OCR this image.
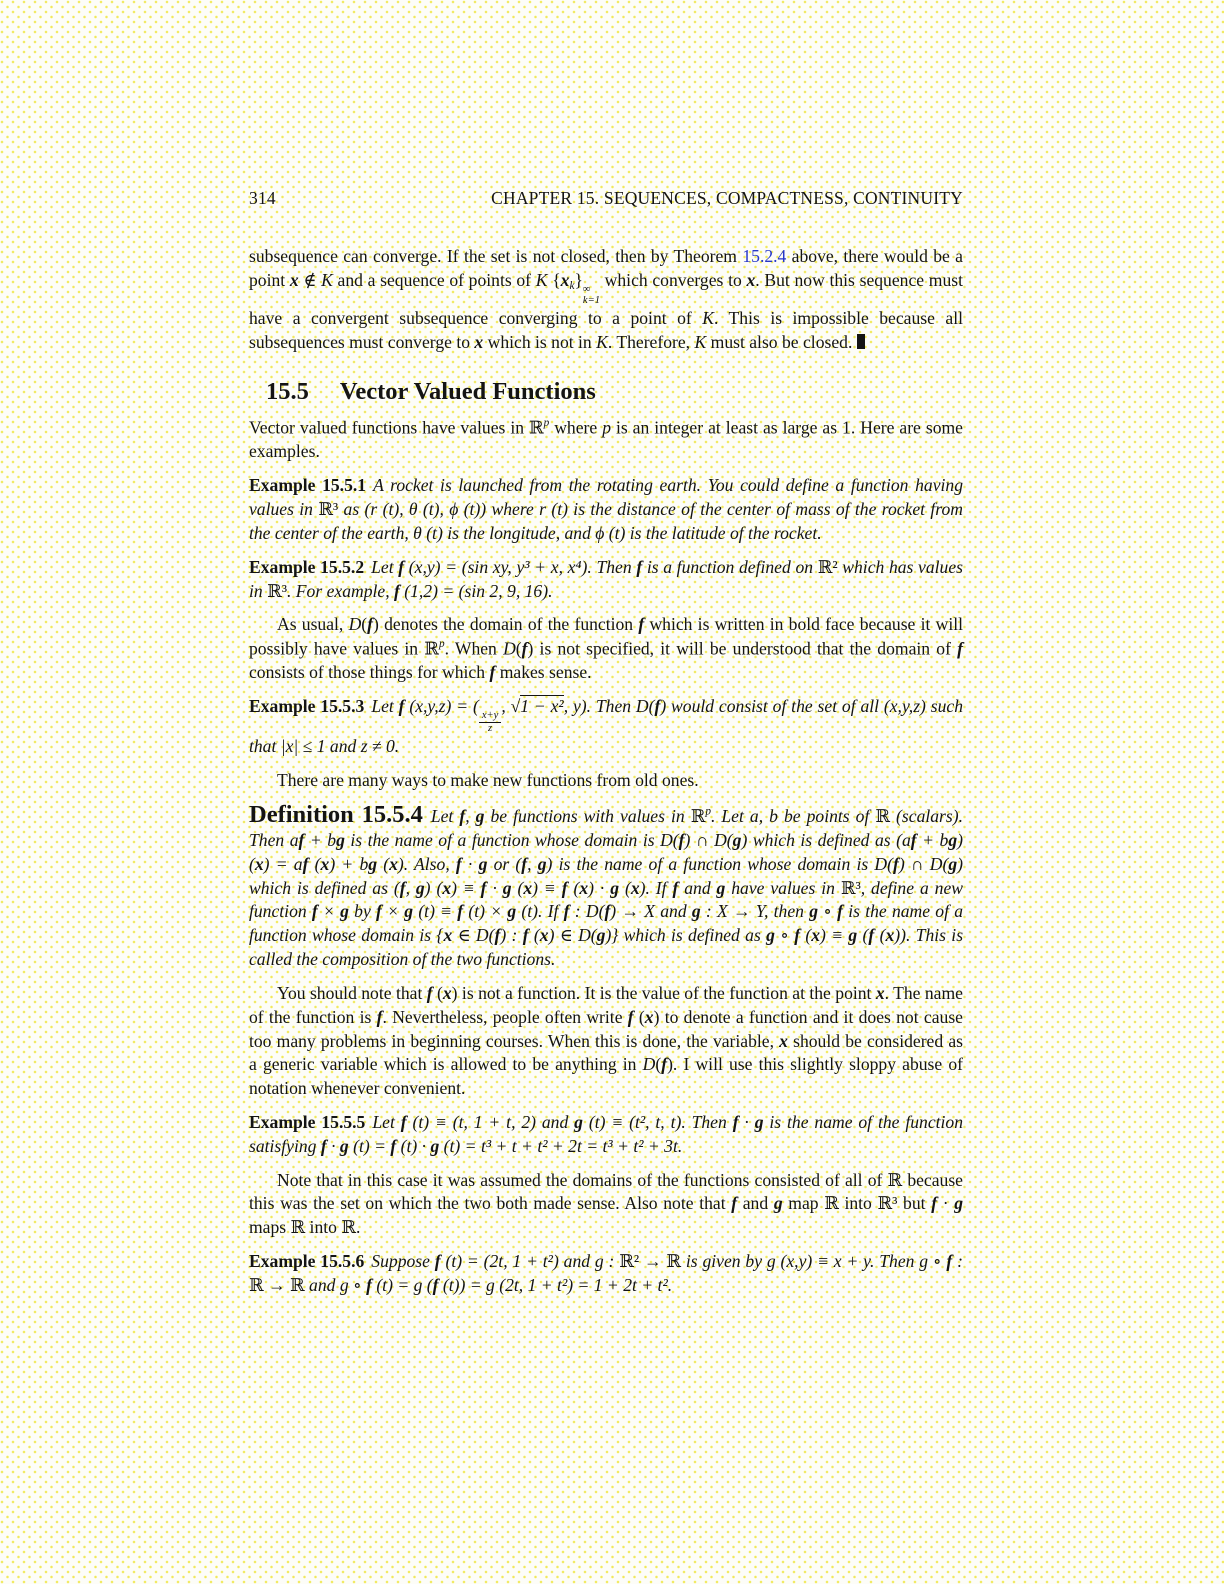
314	CHAPTER 15. SEQUENCES, COMPACTNESS, CONTINUITY

subsequence can converge. If the set is not closed, then by Theorem 15.2.4 above, there would be a point x ∉ K and a sequence of points of K {xk} ∞
k=1
which converges to x. But now this sequence must have a convergent subsequence converging to a point of K. This is impossible because all subsequences must converge to x which is not in K. Therefore, K must also be closed.

15.5 Vector Valued Functions

Vector valued functions have values in ℝ$^p$ where p is an integer at least as large as 1. Here are some examples.

Example 15.5.1 A rocket is launched from the rotating earth. You could define a function having values in ℝ³ as (r (t), θ (t), ϕ (t)) where r (t) is the distance of the center of mass of the rocket from the center of the earth, θ (t) is the longitude, and ϕ (t) is the latitude of the rocket.

Example 15.5.2 Let f (x,y) = (sin xy, y³ + x, x⁴). Then f is a function defined on ℝ² which has values in ℝ³. For example, f (1,2) = (sin 2, 9, 16).

As usual, D(f) denotes the domain of the function f which is written in bold face because it will possibly have values in ℝ$^p$. When D(f) is not specified, it will be understood that the domain of f consists of those things for which f makes sense.

Example 15.5.3 Let f (x,y,z) = (
$\frac{x+y}{z}$
, √1 − x², y). Then D(f) would consist of the set of all (x,y,z) such that |x| ≤ 1 and z ≠ 0.

There are many ways to make new functions from old ones.

Definition 15.5.4 Let f, g be functions with values in ℝ$^p$. Let a, b be points of ℝ (scalars). Then af + bg is the name of a function whose domain is D(f) ∩ D(g) which is defined as (af + bg) (x) = af (x) + bg (x). Also, f · g or (f, g) is the name of a function whose domain is D(f) ∩ D(g) which is defined as (f, g) (x) ≡ f · g (x) ≡ f (x) · g (x). If f and g have values in ℝ³, define a new function f × g by f × g (t) ≡ f (t) × g (t). If f : D(f) → X and g : X → Y, then g ∘ f is the name of a function whose domain is {x ∈ D(f) : f (x) ∈ D(g)} which is defined as g ∘ f (x) ≡ g (f (x)). This is called the composition of the two functions.

You should note that f (x) is not a function. It is the value of the function at the point x. The name of the function is f. Nevertheless, people often write f (x) to denote a function and it does not cause too many problems in beginning courses. When this is done, the variable, x should be considered as a generic variable which is allowed to be anything in D(f). I will use this slightly sloppy abuse of notation whenever convenient.

Example 15.5.5 Let f (t) ≡ (t, 1 + t, 2) and g (t) ≡ (t², t, t). Then f · g is the name of the function satisfying f · g (t) = f (t) · g (t) = t³ + t + t² + 2t = t³ + t² + 3t.

Note that in this case it was assumed the domains of the functions consisted of all of ℝ because this was the set on which the two both made sense. Also note that f and g map ℝ into ℝ³ but f · g maps ℝ into ℝ.

Example 15.5.6 Suppose f (t) = (2t, 1 + t²) and g : ℝ² → ℝ is given by g (x,y) ≡ x + y. Then g ∘ f : ℝ → ℝ and g ∘ f (t) = g (f (t)) = g (2t, 1 + t²) = 1 + 2t + t².
